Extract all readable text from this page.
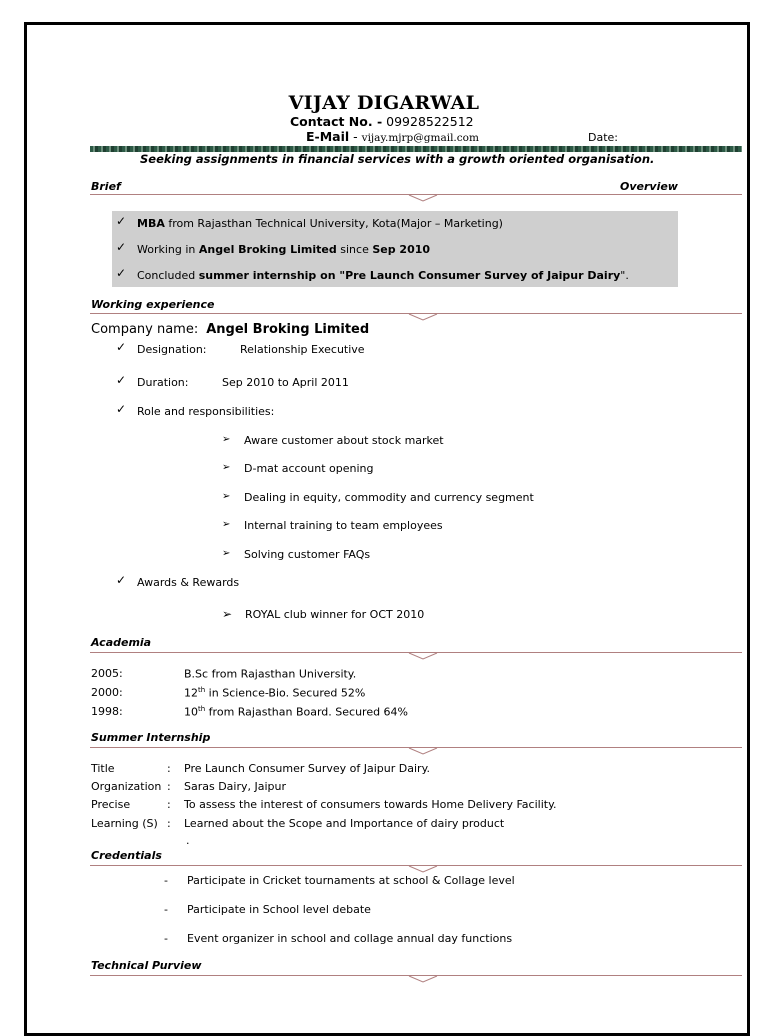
VIJAY DIGARWAL
Contact No. - 09928522512
E-Mail - vijay.mjrp@gmail.com	Date:
Seeking assignments in financial services with a growth oriented organisation.
Brief	Overview
✓ MBA from Rajasthan Technical University, Kota(Major – Marketing)
✓ Working in Angel Broking Limited since Sep 2010
✓ Concluded summer internship on "Pre Launch Consumer Survey of Jaipur Dairy".
Working experience
Company name: Angel Broking Limited
✓ Designation:	Relationship Executive
✓ Duration:	Sep 2010 to April 2011
✓ Role and responsibilities:
➢ Aware customer about stock market
➢ D-mat account opening
➢ Dealing in equity, commodity and currency segment
➢ Internal training to team employees
➢ Solving customer FAQs
✓ Awards & Rewards
➢ ROYAL club winner for OCT 2010
Academia
2005:	B.Sc from Rajasthan University.
2000:	12th in Science-Bio. Secured 52%
1998:	10th from Rajasthan Board. Secured 64%
Summer Internship
Title	: Pre Launch Consumer Survey of Jaipur Dairy.
Organization : Saras Dairy, Jaipur
Precise	: To assess the interest of consumers towards Home Delivery Facility.
Learning (S) : Learned about the Scope and Importance of dairy product
.
Credentials
- Participate in Cricket tournaments at school & Collage level
- Participate in School level debate
- Event organizer in school and collage annual day functions
Technical Purview
